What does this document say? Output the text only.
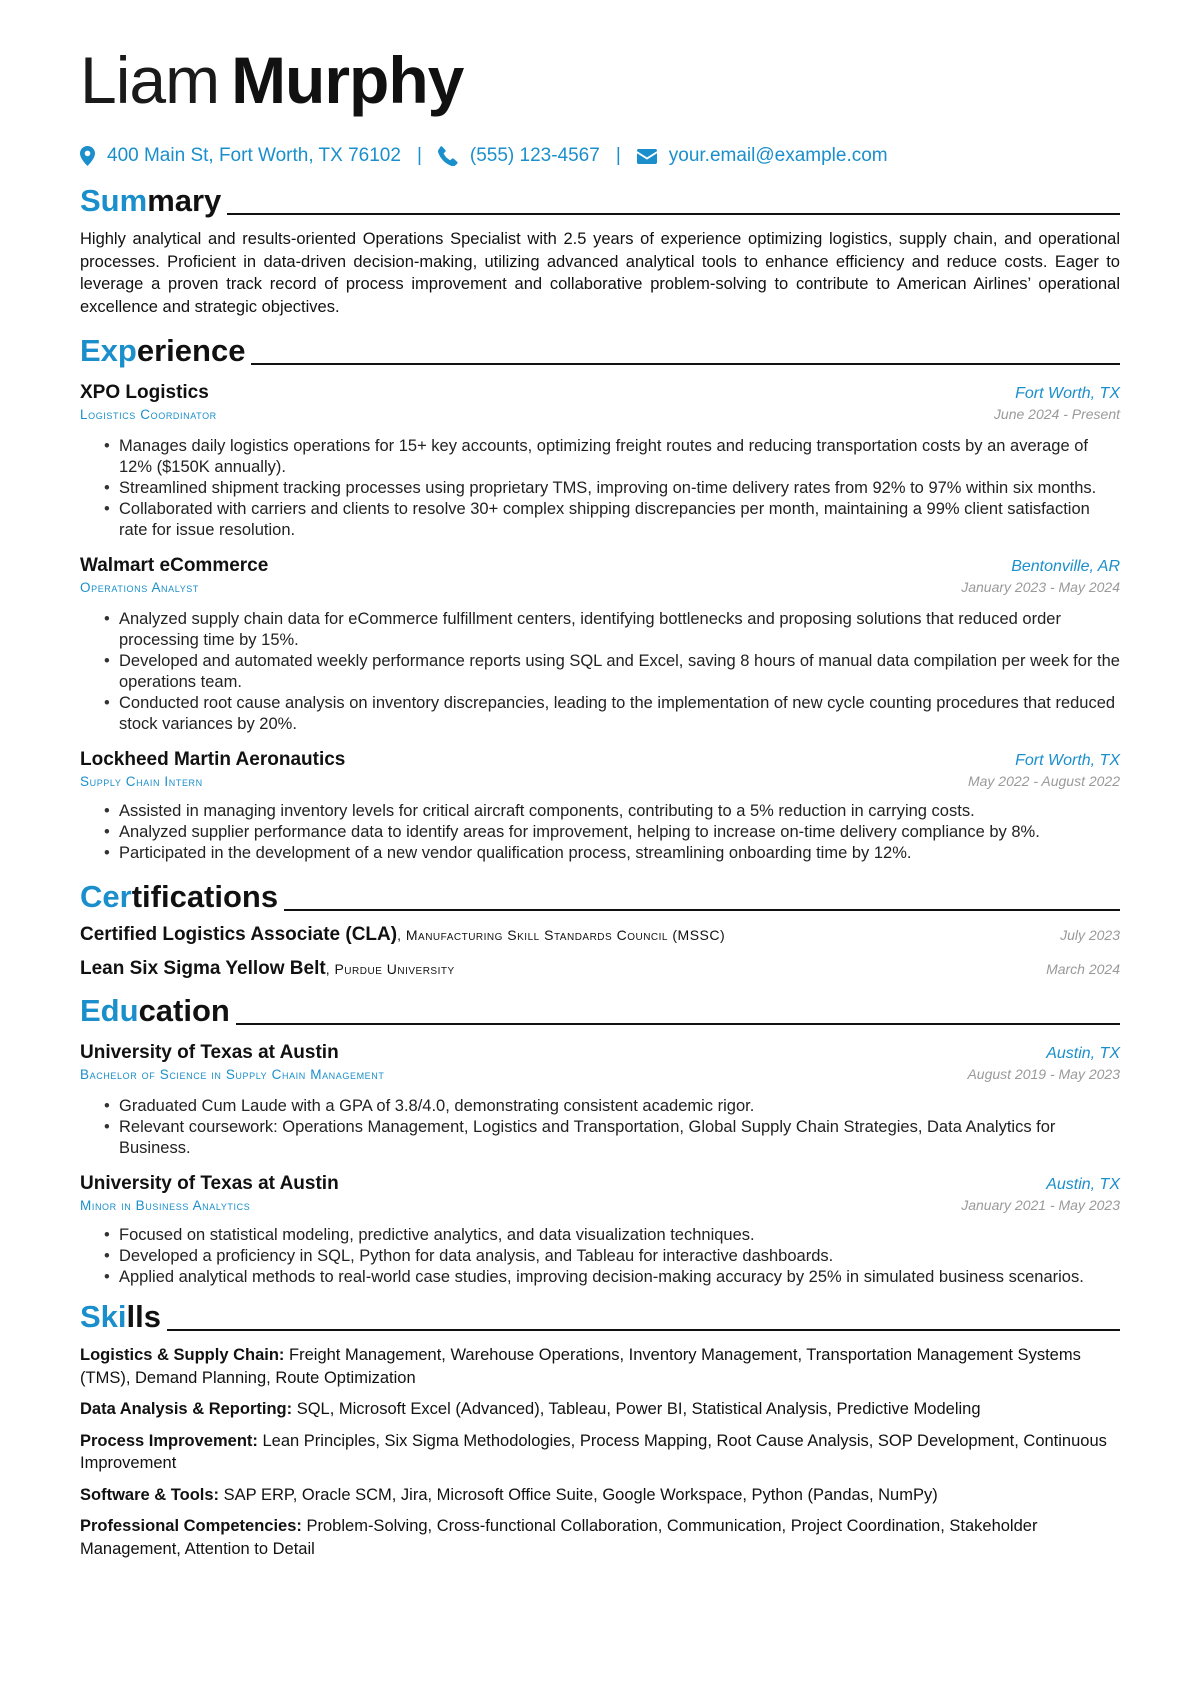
Liam Murphy
400 Main St, Fort Worth, TX 76102 |	(555) 123-4567 |	your.email@example.com
Summary

Highly analytical and results-oriented Operations Specialist with 2.5 years of experience optimizing logistics, supply chain, and operational processes. Proficient in data-driven decision-making, utilizing advanced analytical tools to enhance efficiency and reduce costs. Eager to leverage a proven track record of process improvement and collaborative problem-solving to contribute to American Airlines’ operational excellence and strategic objectives.

Experience
XPO Logistics	Fort Worth, TX
Logistics Coordinator	June 2024 - Present
• Manages daily logistics operations for 15+ key accounts, optimizing freight routes and reducing transportation costs by an average of 12% ($150K annually).
• Streamlined shipment tracking processes using proprietary TMS, improving on-time delivery rates from 92% to 97% within six months.
• Collaborated with carriers and clients to resolve 30+ complex shipping discrepancies per month, maintaining a 99% client satisfaction rate for issue resolution.
Walmart eCommerce	Bentonville, AR
Operations Analyst	January 2023 - May 2024
• Analyzed supply chain data for eCommerce fulfillment centers, identifying bottlenecks and proposing solutions that reduced order processing time by 15%.
• Developed and automated weekly performance reports using SQL and Excel, saving 8 hours of manual data compilation per week for the operations team.
• Conducted root cause analysis on inventory discrepancies, leading to the implementation of new cycle counting procedures that reduced stock variances by 20%.
Lockheed Martin Aeronautics	Fort Worth, TX
Supply Chain Intern	May 2022 - August 2022
• Assisted in managing inventory levels for critical aircraft components, contributing to a 5% reduction in carrying costs.
• Analyzed supplier performance data to identify areas for improvement, helping to increase on-time delivery compliance by 8%.
• Participated in the development of a new vendor qualification process, streamlining onboarding time by 12%.
Certifications
Certified Logistics Associate (CLA), Manufacturing Skill Standards Council (MSSC)	July 2023
Lean Six Sigma Yellow Belt, Purdue University	March 2024
Education
University of Texas at Austin	Austin, TX
Bachelor of Science in Supply Chain Management	August 2019 - May 2023
• Graduated Cum Laude with a GPA of 3.8/4.0, demonstrating consistent academic rigor.
• Relevant coursework: Operations Management, Logistics and Transportation, Global Supply Chain Strategies, Data Analytics for Business.
University of Texas at Austin	Austin, TX
Minor in Business Analytics	January 2021 - May 2023
• Focused on statistical modeling, predictive analytics, and data visualization techniques.
• Developed a proficiency in SQL, Python for data analysis, and Tableau for interactive dashboards.
• Applied analytical methods to real-world case studies, improving decision-making accuracy by 25% in simulated business scenarios.
Skills

Logistics & Supply Chain: Freight Management, Warehouse Operations, Inventory Management, Transportation Management Systems (TMS), Demand Planning, Route Optimization

Data Analysis & Reporting: SQL, Microsoft Excel (Advanced), Tableau, Power BI, Statistical Analysis, Predictive Modeling

Process Improvement: Lean Principles, Six Sigma Methodologies, Process Mapping, Root Cause Analysis, SOP Development, Continuous Improvement

Software & Tools: SAP ERP, Oracle SCM, Jira, Microsoft Office Suite, Google Workspace, Python (Pandas, NumPy)

Professional Competencies: Problem-Solving, Cross-functional Collaboration, Communication, Project Coordination, Stakeholder Management, Attention to Detail
